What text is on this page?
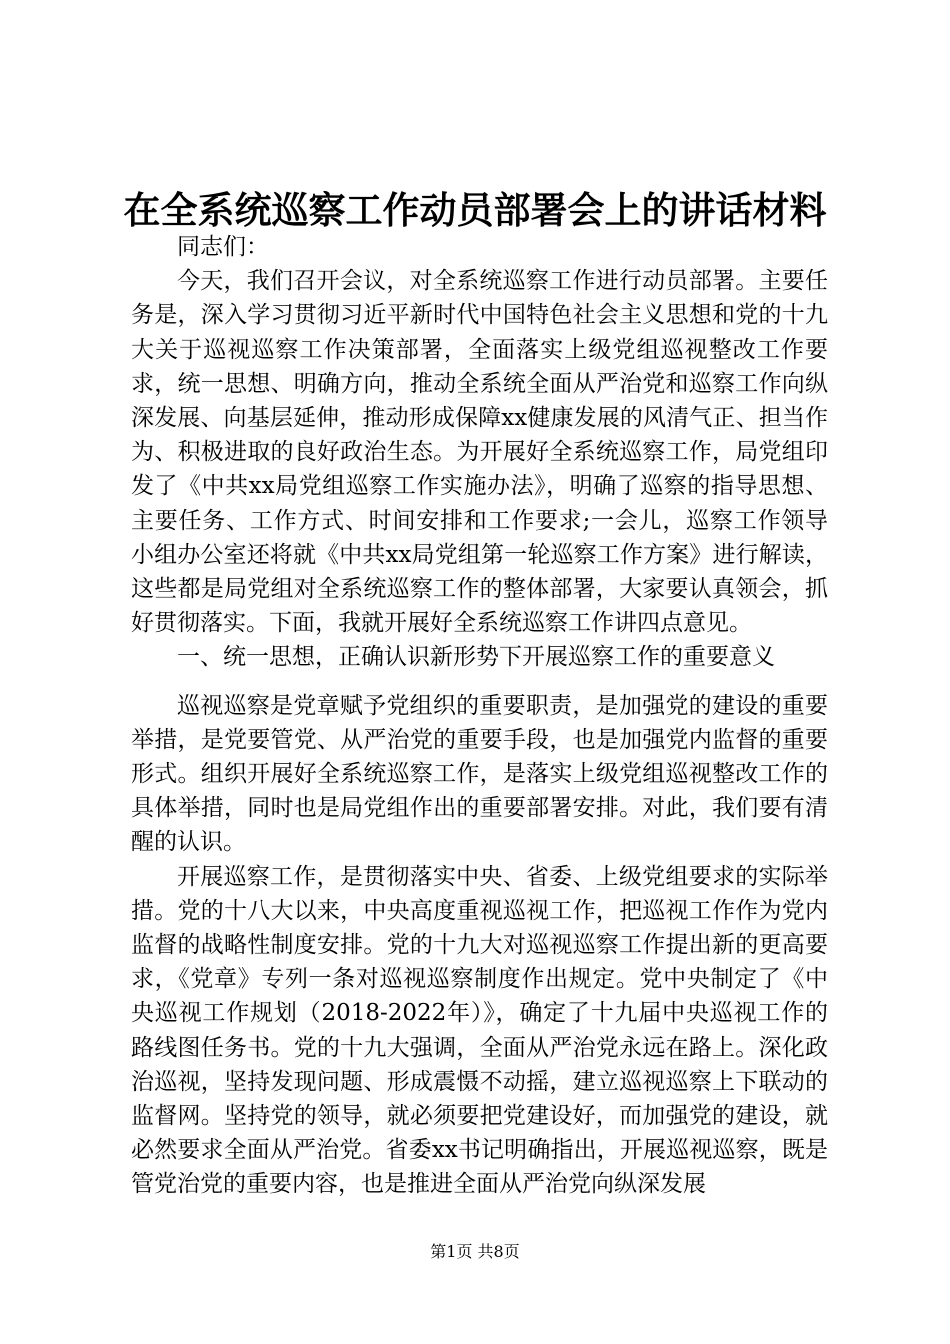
在全系统巡察工作动员部署会上的讲话材料

同志们：

今天，我们召开会议，对全系统巡察工作进行动员部署。主要任务是，深入学习贯彻习近平新时代中国特色社会主义思想和党的十九大关于巡视巡察工作决策部署，全面落实上级党组巡视整改工作要求，统一思想、明确方向，推动全系统全面从严治党和巡察工作向纵深发展、向基层延伸，推动形成保障xx健康发展的风清气正、担当作为、积极进取的良好政治生态。为开展好全系统巡察工作，局党组印发了《中共xx局党组巡察工作实施办法》，明确了巡察的指导思想、主要任务、工作方式、时间安排和工作要求;一会儿，巡察工作领导小组办公室还将就《中共xx局党组第一轮巡察工作方案》进行解读，这些都是局党组对全系统巡察工作的整体部署，大家要认真领会，抓好贯彻落实。下面，我就开展好全系统巡察工作讲四点意见。

一、统一思想，正确认识新形势下开展巡察工作的重要意义

巡视巡察是党章赋予党组织的重要职责，是加强党的建设的重要举措，是党要管党、从严治党的重要手段，也是加强党内监督的重要形式。组织开展好全系统巡察工作，是落实上级党组巡视整改工作的具体举措，同时也是局党组作出的重要部署安排。对此，我们要有清醒的认识。

开展巡察工作，是贯彻落实中央、省委、上级党组要求的实际举措。党的十八大以来，中央高度重视巡视工作，把巡视工作作为党内监督的战略性制度安排。党的十九大对巡视巡察工作提出新的更高要求，《党章》专列一条对巡视巡察制度作出规定。党中央制定了《中央巡视工作规划（2018-2022年）》，确定了十九届中央巡视工作的路线图任务书。党的十九大强调，全面从严治党永远在路上。深化政治巡视，坚持发现问题、形成震慑不动摇，建立巡视巡察上下联动的监督网。坚持党的领导，就必须要把党建设好，而加强党的建设，就必然要求全面从严治党。省委xx书记明确指出，开展巡视巡察，既是管党治党的重要内容，也是推进全面从严治党向纵深发展

第1页 共8页
